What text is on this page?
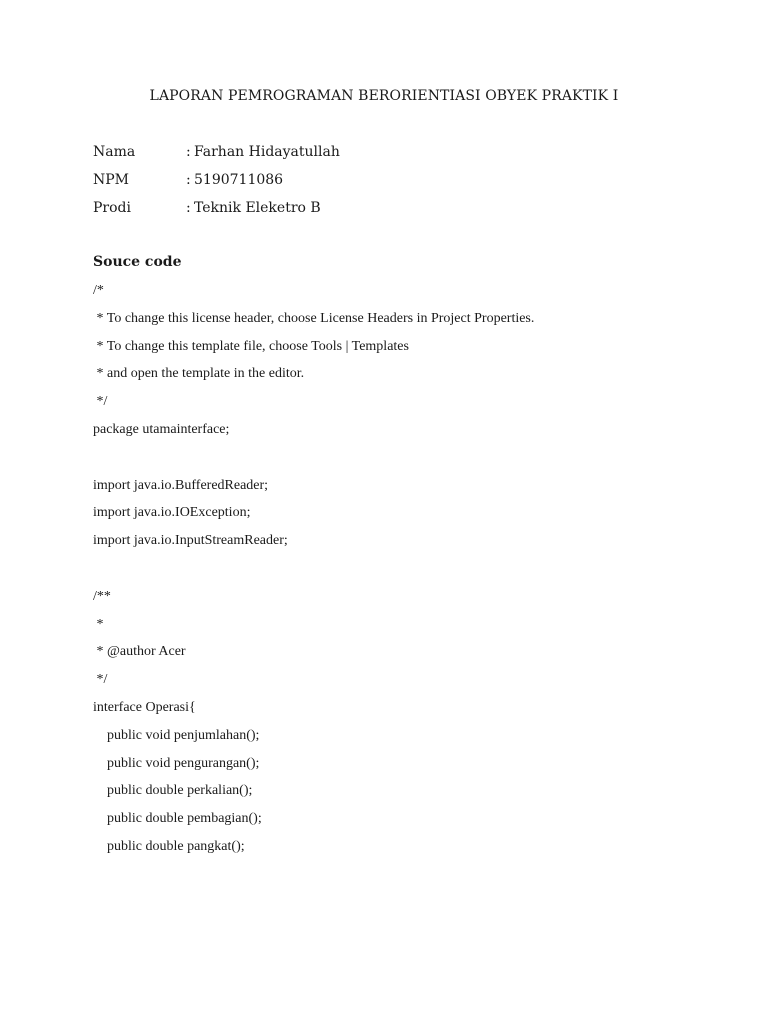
LAPORAN PEMROGRAMAN BERORIENTIASI OBYEK PRAKTIK I
Nama	: Farhan Hidayatullah
NPM	: 5190711086
Prodi	: Teknik Eleketro B
Souce code
/*
* To change this license header, choose License Headers in Project Properties.
* To change this template file, choose Tools | Templates
* and open the template in the editor.
*/
package utamainterface;
import java.io.BufferedReader;
import java.io.IOException;
import java.io.InputStreamReader;
/**
*
* @author Acer
*/
interface Operasi{
public void penjumlahan();
public void pengurangan();
public double perkalian();
public double pembagian();
public double pangkat();
